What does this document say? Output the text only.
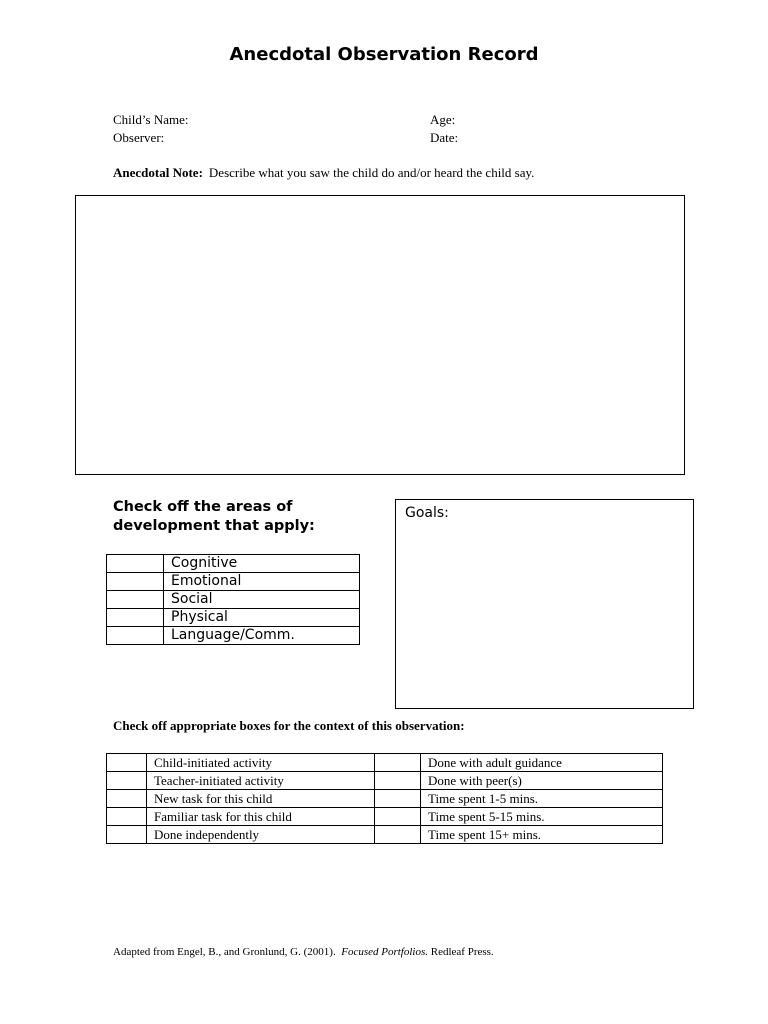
Anecdotal Observation Record
Child’s Name:
Observer:
Age:
Date:
Anecdotal Note: Describe what you saw the child do and/or heard the child say.
Check off the areas of development that apply:
Goals:
	Cognitive
	Emotional
	Social
	Physical
	Language/Comm.
Check off appropriate boxes for the context of this observation:
	Child-initiated activity		Done with adult guidance
	Teacher-initiated activity		Done with peer(s)
	New task for this child		Time spent 1-5 mins.
	Familiar task for this child		Time spent 5-15 mins.
	Done independently		Time spent 15+ mins.
Adapted from Engel, B., and Gronlund, G. (2001). Focused Portfolios. Redleaf Press.
